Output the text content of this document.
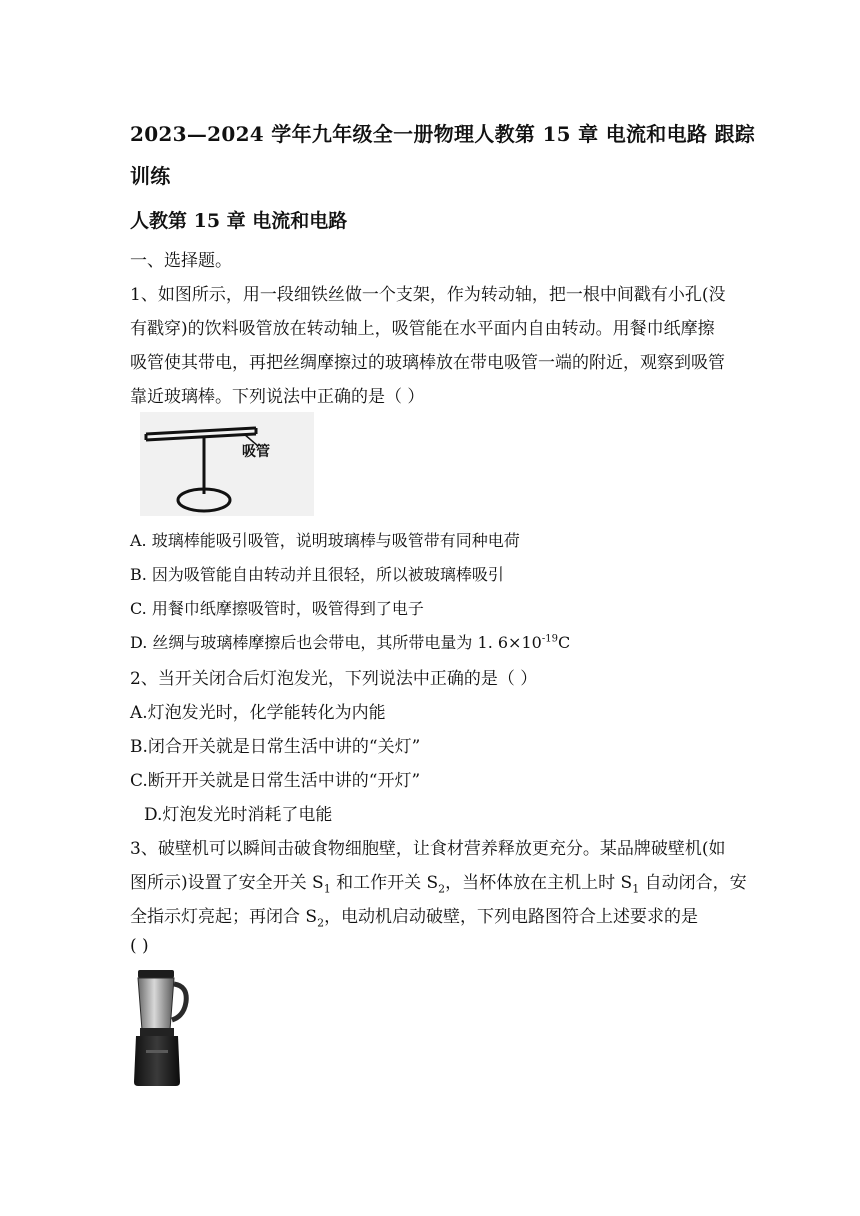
2023—2024 学年九年级全一册物理人教第 15 章 电流和电路 跟踪
训练
人教第 15 章 电流和电路
一、选择题。
1、如图所示，用一段细铁丝做一个支架，作为转动轴，把一根中间戳有小孔(没
有戳穿)的饮料吸管放在转动轴上，吸管能在水平面内自由转动。用餐巾纸摩擦
吸管使其带电，再把丝绸摩擦过的玻璃棒放在带电吸管一端的附近，观察到吸管
靠近玻璃棒。下列说法中正确的是（ ）
吸管
A. 玻璃棒能吸引吸管，说明玻璃棒与吸管带有同种电荷
B. 因为吸管能自由转动并且很轻，所以被玻璃棒吸引
C. 用餐巾纸摩擦吸管时，吸管得到了电子
D. 丝绸与玻璃棒摩擦后也会带电，其所带电量为 1. $6\times 10^{-19}C$
2、当开关闭合后灯泡发光，下列说法中正确的是（ ）
A.灯泡发光时，化学能转化为内能
B.闭合开关就是日常生活中讲的“关灯”
C.断开开关就是日常生活中讲的“开灯”
D.灯泡发光时消耗了电能
3、破壁机可以瞬间击破食物细胞壁，让食材营养释放更充分。某品牌破壁机(如
图所示)设置了安全开关 $S_1$ 和工作开关 $S_2$，当杯体放在主机上时 $S_1$ 自动闭合，安
全指示灯亮起；再闭合 $S_2$，电动机启动破壁，下列电路图符合上述要求的是
( )
